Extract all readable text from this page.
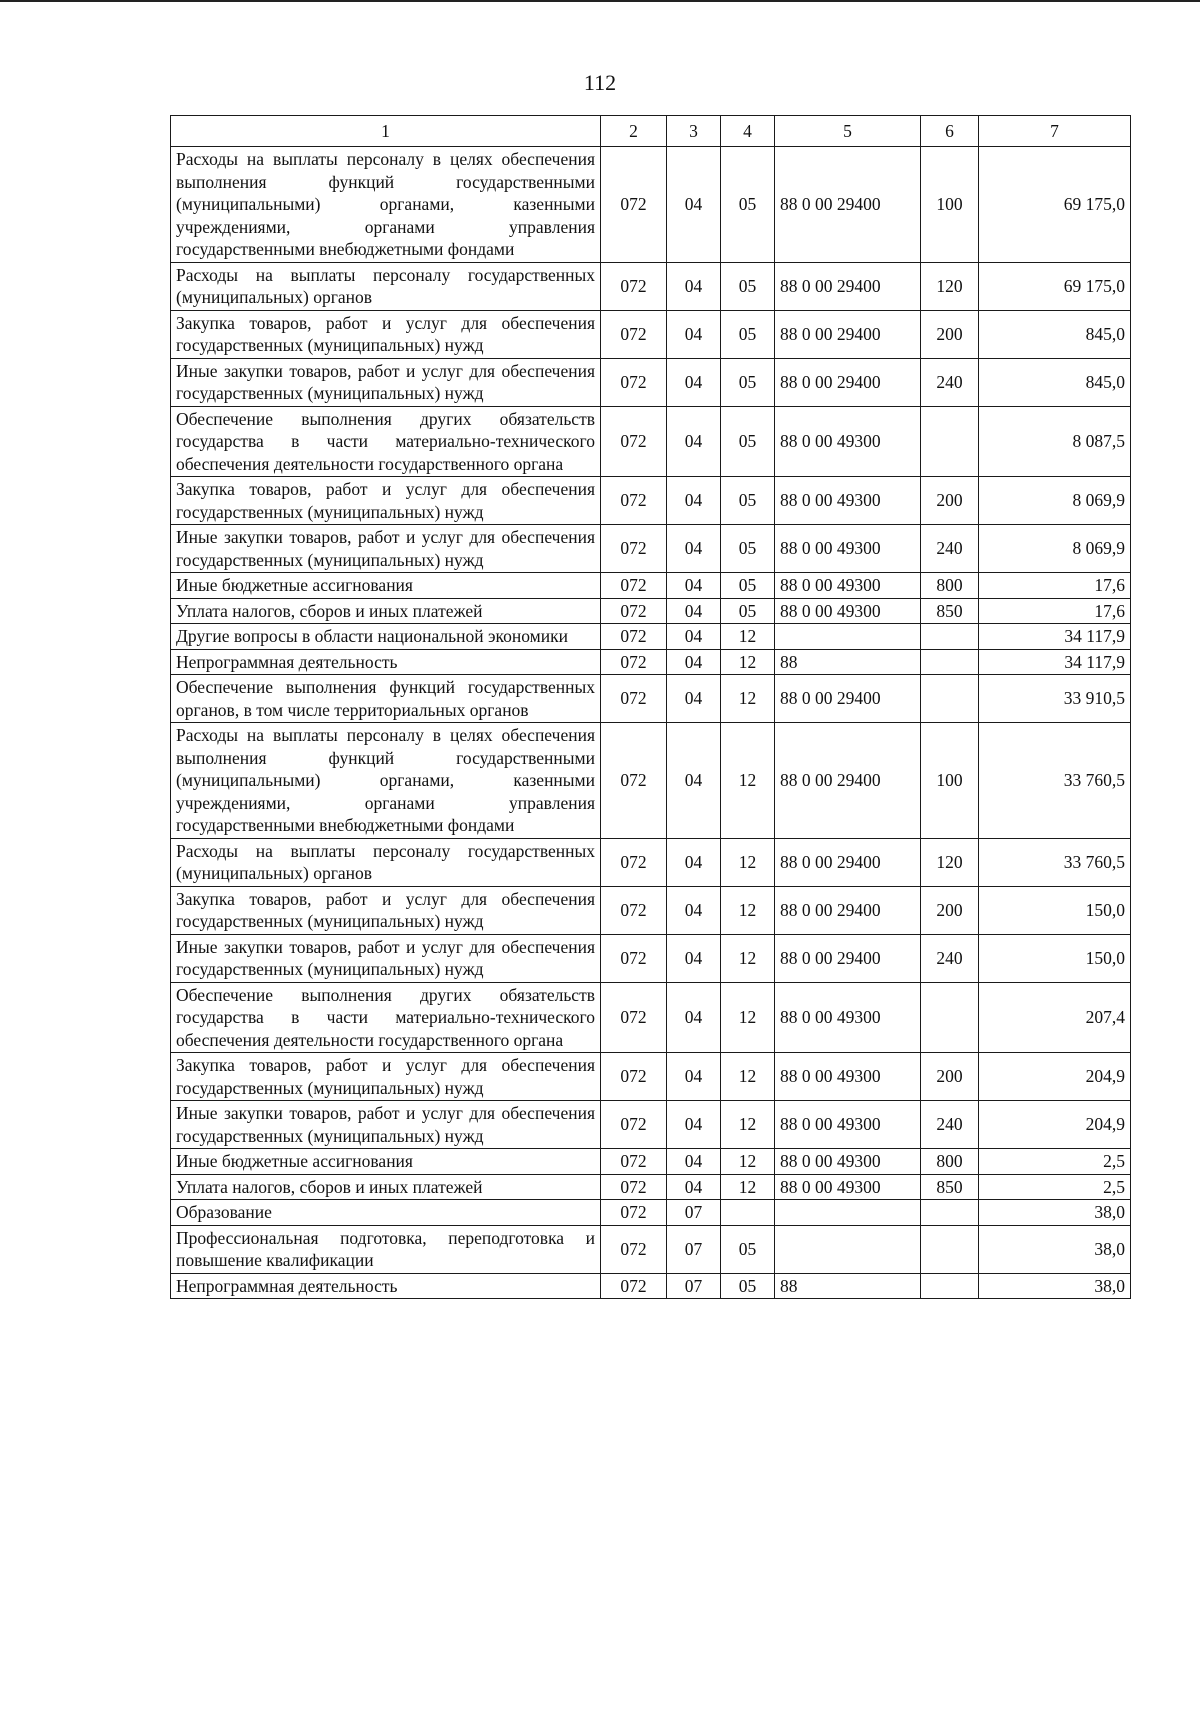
112
1	2	3	4	5	6	7
Расходы на выплаты персоналу в целях обеспечения выполнения функций государственными (муниципальными) органами, казенными учреждениями, органами управления государственными внебюджетными фондами	072	04	05	88 0 00 29400	100	69 175,0
Расходы на выплаты персоналу государственных (муниципальных) органов	072	04	05	88 0 00 29400	120	69 175,0
Закупка товаров, работ и услуг для обеспечения государственных (муниципальных) нужд	072	04	05	88 0 00 29400	200	845,0
Иные закупки товаров, работ и услуг для обеспечения государственных (муниципальных) нужд	072	04	05	88 0 00 29400	240	845,0
Обеспечение выполнения других обязательств государства в части материально-технического обеспечения деятельности государственного органа	072	04	05	88 0 00 49300		8 087,5
Закупка товаров, работ и услуг для обеспечения государственных (муниципальных) нужд	072	04	05	88 0 00 49300	200	8 069,9
Иные закупки товаров, работ и услуг для обеспечения государственных (муниципальных) нужд	072	04	05	88 0 00 49300	240	8 069,9
Иные бюджетные ассигнования	072	04	05	88 0 00 49300	800	17,6
Уплата налогов, сборов и иных платежей	072	04	05	88 0 00 49300	850	17,6
Другие вопросы в области национальной экономики	072	04	12			34 117,9
Непрограммная деятельность	072	04	12	88		34 117,9
Обеспечение выполнения функций государственных органов, в том числе территориальных органов	072	04	12	88 0 00 29400		33 910,5
Расходы на выплаты персоналу в целях обеспечения выполнения функций государственными (муниципальными) органами, казенными учреждениями, органами управления государственными внебюджетными фондами	072	04	12	88 0 00 29400	100	33 760,5
Расходы на выплаты персоналу государственных (муниципальных) органов	072	04	12	88 0 00 29400	120	33 760,5
Закупка товаров, работ и услуг для обеспечения государственных (муниципальных) нужд	072	04	12	88 0 00 29400	200	150,0
Иные закупки товаров, работ и услуг для обеспечения государственных (муниципальных) нужд	072	04	12	88 0 00 29400	240	150,0
Обеспечение выполнения других обязательств государства в части материально-технического обеспечения деятельности государственного органа	072	04	12	88 0 00 49300		207,4
Закупка товаров, работ и услуг для обеспечения государственных (муниципальных) нужд	072	04	12	88 0 00 49300	200	204,9
Иные закупки товаров, работ и услуг для обеспечения государственных (муниципальных) нужд	072	04	12	88 0 00 49300	240	204,9
Иные бюджетные ассигнования	072	04	12	88 0 00 49300	800	2,5
Уплата налогов, сборов и иных платежей	072	04	12	88 0 00 49300	850	2,5
Образование	072	07				38,0
Профессиональная подготовка, переподготовка и повышение квалификации	072	07	05			38,0
Непрограммная деятельность	072	07	05	88		38,0
